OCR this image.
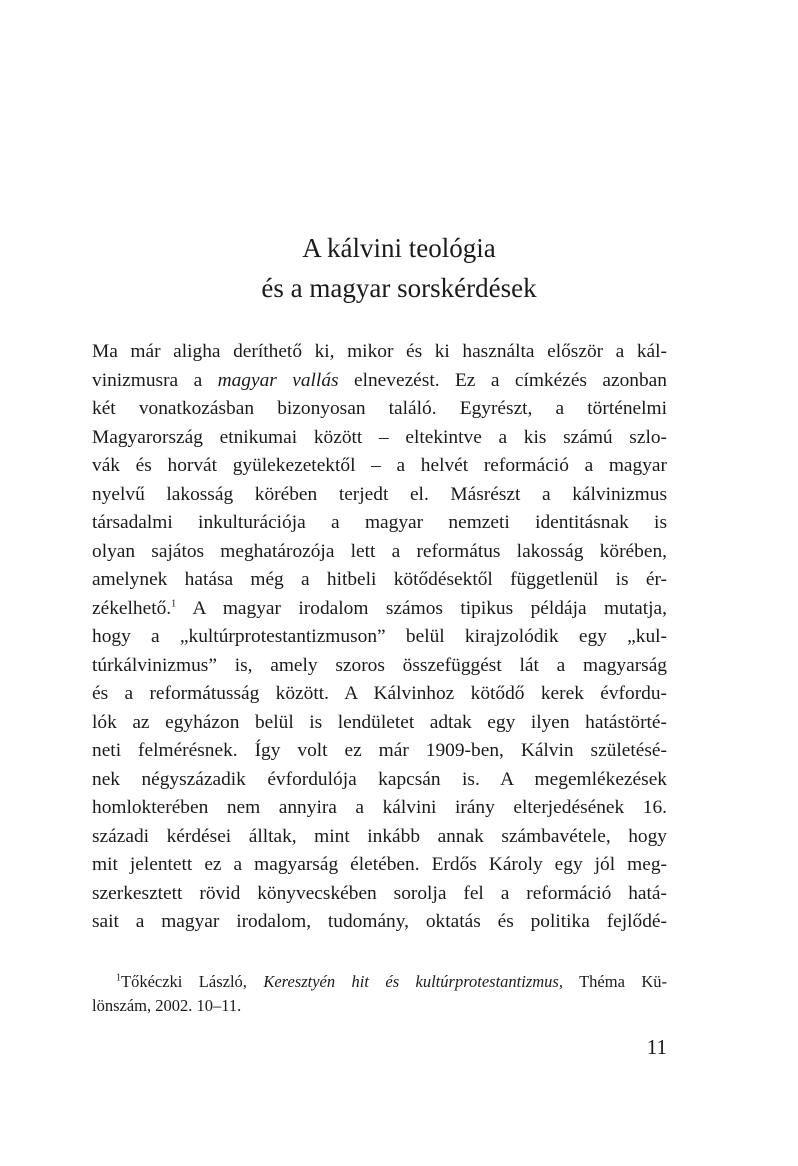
A kálvini teológia
és a magyar sorskérdések
Ma már aligha deríthető ki, mikor és ki használta először a kál-
vinizmusra a magyar vallás elnevezést. Ez a címkézés azonban
két vonatkozásban bizonyosan találó. Egyrészt, a történelmi
Magyarország etnikumai között – eltekintve a kis számú szlo-
vák és horvát gyülekezetektől – a helvét reformáció a magyar
nyelvű lakosság körében terjedt el. Másrészt a kálvinizmus
társadalmi inkulturációja a magyar nemzeti identitásnak is
olyan sajátos meghatározója lett a református lakosság körében,
amelynek hatása még a hitbeli kötődésektől függetlenül is ér-
zékelhető.$^1$ A magyar irodalom számos tipikus példája mutatja,
hogy a „kultúrprotestantizmuson” belül kirajzolódik egy „kul-
túrkálvinizmus” is, amely szoros összefüggést lát a magyarság
és a reformátusság között. A Kálvinhoz kötődő kerek évfordu-
lók az egyházon belül is lendületet adtak egy ilyen hatástörté-
neti felmérésnek. Így volt ez már 1909-ben, Kálvin születésé-
nek négyszázadik évfordulója kapcsán is. A megemlékezések
homlokterében nem annyira a kálvini irány elterjedésének 16.
századi kérdései álltak, mint inkább annak számbavétele, hogy
mit jelentett ez a magyarság életében. Erdős Károly egy jól meg-
szerkesztett rövid könyvecskében sorolja fel a reformáció hatá-
sait a magyar irodalom, tudomány, oktatás és politika fejlődé-
$^1$Tőkéczki László, Keresztyén hit és kultúrprotestantizmus, Théma Kü-
lönszám, 2002. 10–11.
11
